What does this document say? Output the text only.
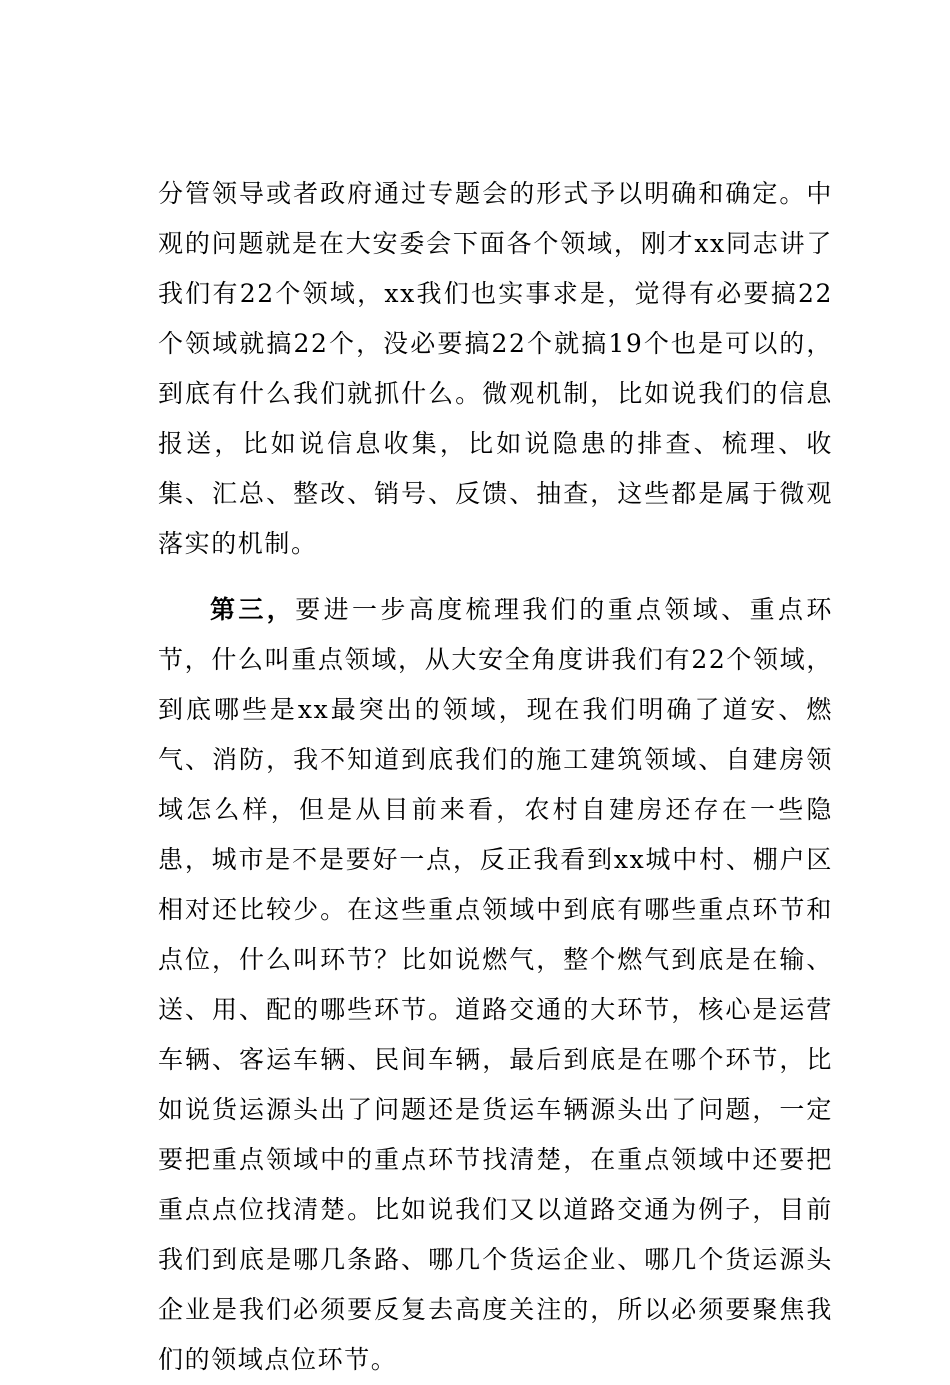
分管领导或者政府通过专题会的形式予以明确和确定。中观的问题就是在大安委会下面各个领域，刚才xx同志讲了我们有22个领域，xx我们也实事求是，觉得有必要搞22个领域就搞22个，没必要搞22个就搞19个也是可以的，到底有什么我们就抓什么。微观机制，比如说我们的信息报送，比如说信息收集，比如说隐患的排查、梳理、收集、汇总、整改、销号、反馈、抽查，这些都是属于微观落实的机制。

第三，要进一步高度梳理我们的重点领域、重点环节，什么叫重点领域，从大安全角度讲我们有22个领域，到底哪些是xx最突出的领域，现在我们明确了道安、燃气、消防，我不知道到底我们的施工建筑领域、自建房领域怎么样，但是从目前来看，农村自建房还存在一些隐患，城市是不是要好一点，反正我看到xx城中村、棚户区相对还比较少。在这些重点领域中到底有哪些重点环节和点位，什么叫环节？比如说燃气，整个燃气到底是在输、送、用、配的哪些环节。道路交通的大环节，核心是运营车辆、客运车辆、民间车辆，最后到底是在哪个环节，比如说货运源头出了问题还是货运车辆源头出了问题，一定要把重点领域中的重点环节找清楚，在重点领域中还要把重点点位找清楚。比如说我们又以道路交通为例子，目前我们到底是哪几条路、哪几个货运企业、哪几个货运源头企业是我们必须要反复去高度关注的，所以必须要聚焦我们的领域点位环节。
